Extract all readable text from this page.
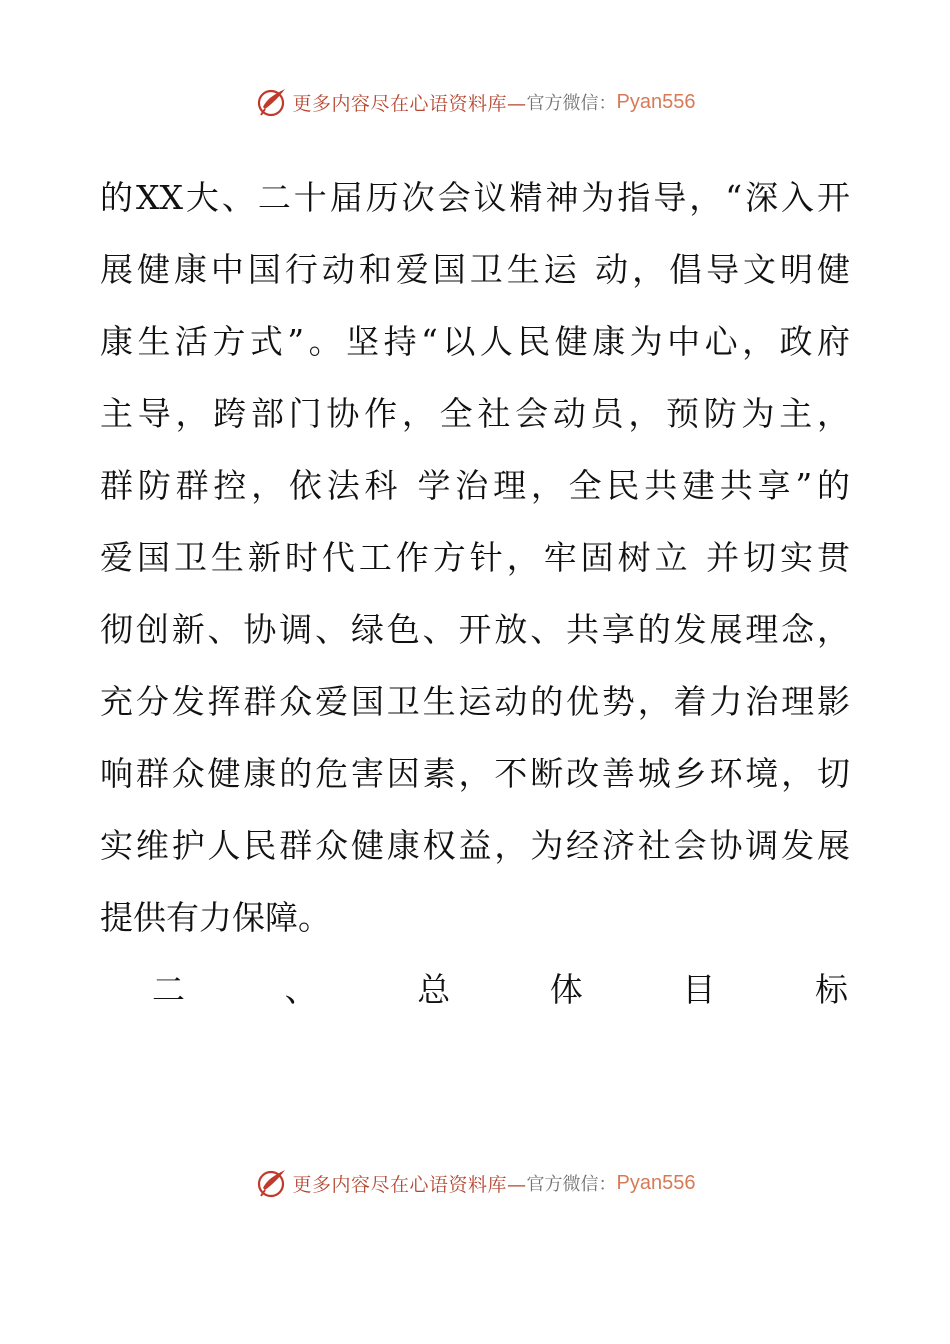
更多内容尽在心语资料库— 官方微信： Pyan556
的XX大、二十届历次会议精神为指导，“深入开
展健康中国行动和爱国卫生运 动，倡导文明健
康生活方式”。坚持“以人民健康为中心，政府
主导，跨部门协作，全社会动员，预防为主，
群防群控，依法科 学治理，全民共建共享”的
爱国卫生新时代工作方针，牢固树立 并切实贯
彻创新、协调、绿色、开放、共享的发展理念，
充分发挥群众爱国卫生运动的优势，着力治理影
响群众健康的危害因素，不断改善城乡环境，切
实维护人民群众健康权益，为经济社会协调发展
提供有力保障。
二	、	总	体	目	标
更多内容尽在心语资料库— 官方微信： Pyan556
